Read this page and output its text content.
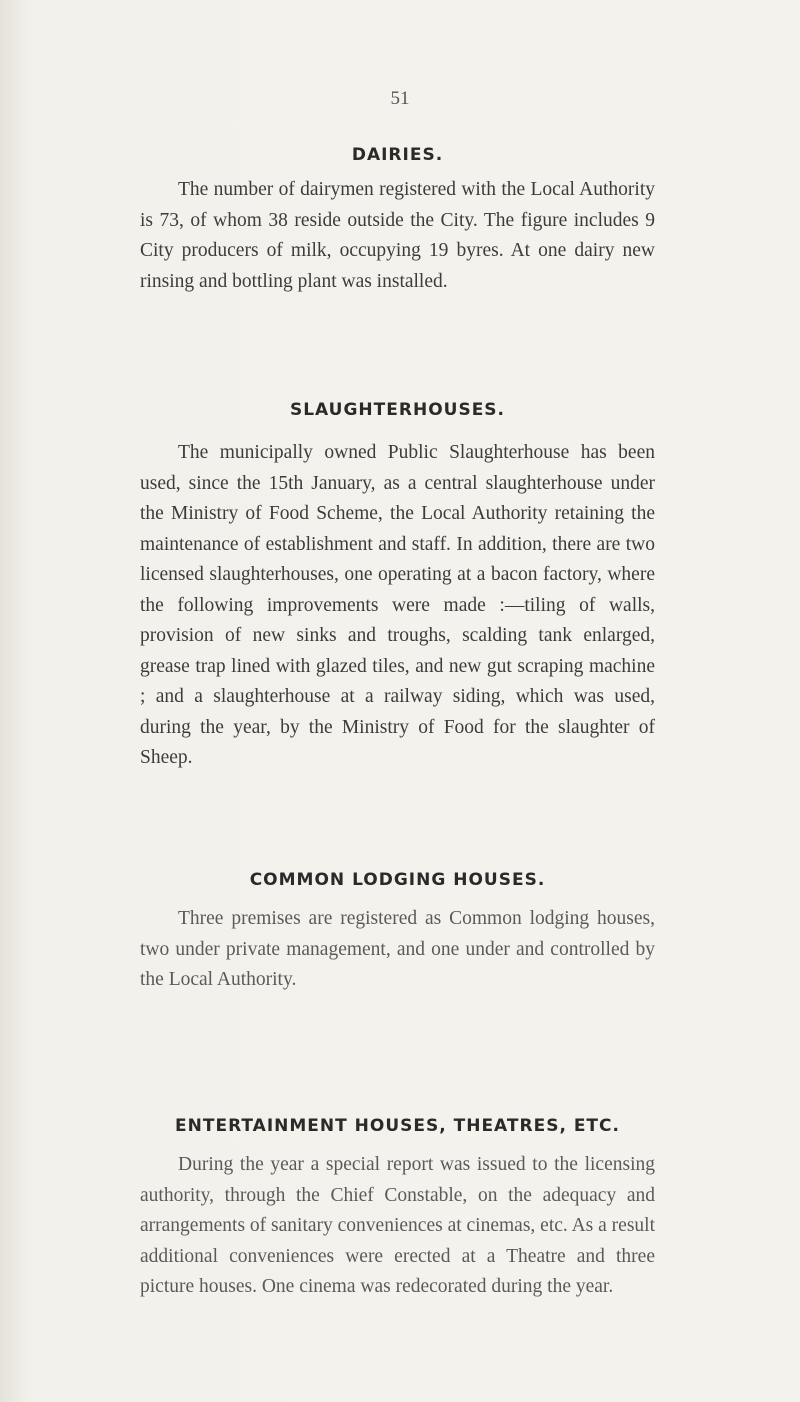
51
DAIRIES.

The number of dairymen registered with the Local Authority is 73, of whom 38 reside outside the City. The figure includes 9 City producers of milk, occupying 19 byres. At one dairy new rinsing and bottling plant was installed.

SLAUGHTERHOUSES.

The municipally owned Public Slaughterhouse has been used, since the 15th January, as a central slaughterhouse under the Ministry of Food Scheme, the Local Authority retaining the maintenance of establishment and staff. In addition, there are two licensed slaughterhouses, one operating at a bacon factory, where the following improvements were made :—tiling of walls, provision of new sinks and troughs, scalding tank enlarged, grease trap lined with glazed tiles, and new gut scraping machine ; and a slaughterhouse at a railway siding, which was used, during the year, by the Ministry of Food for the slaughter of Sheep.

COMMON LODGING HOUSES.

Three premises are registered as Common lodging houses, two under private management, and one under and controlled by the Local Authority.

ENTERTAINMENT HOUSES, THEATRES, ETC.

During the year a special report was issued to the licensing authority, through the Chief Constable, on the adequacy and arrangements of sanitary conveniences at cinemas, etc. As a result additional conveniences were erected at a Theatre and three picture houses. One cinema was redecorated during the year.
